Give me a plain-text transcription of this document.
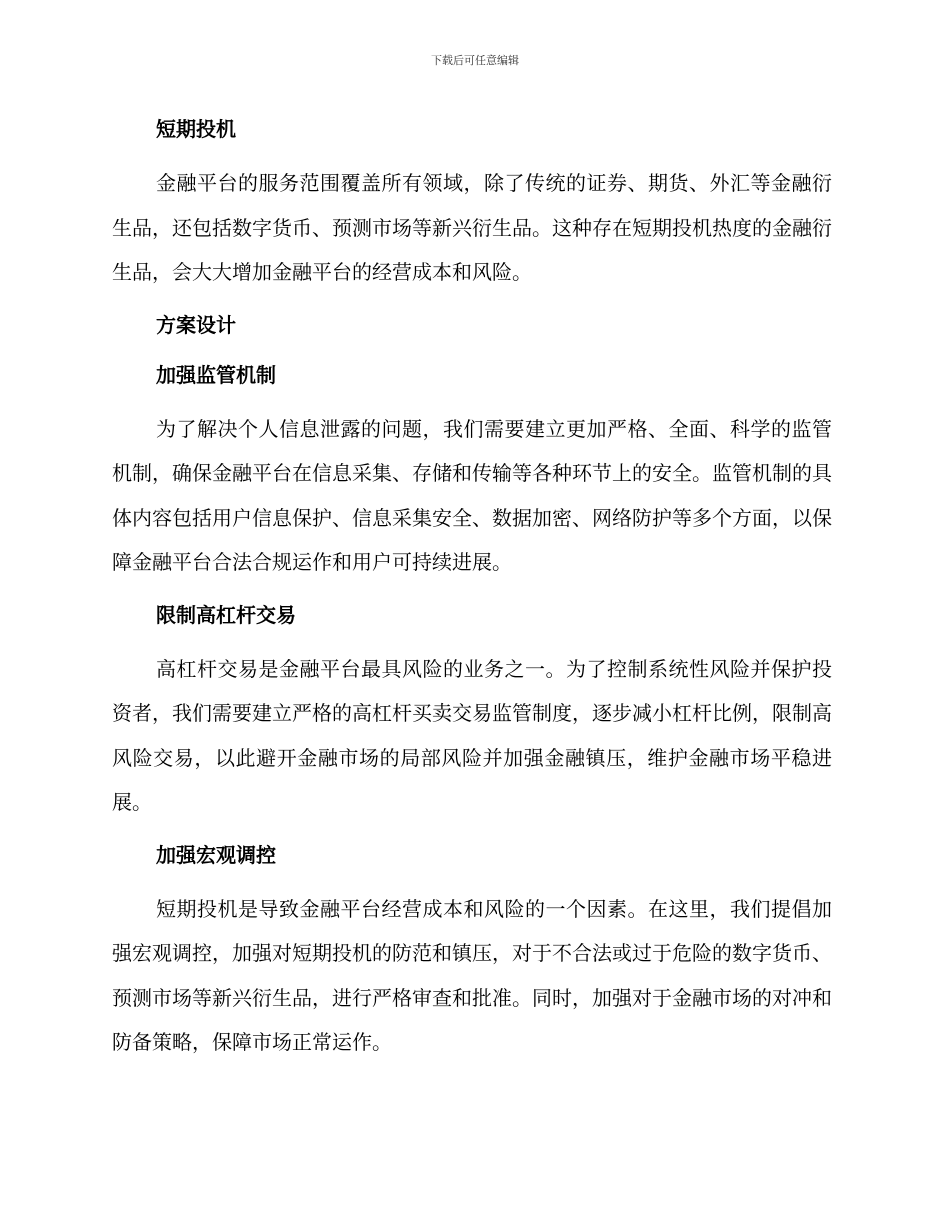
下载后可任意编辑
短期投机

金融平台的服务范围覆盖所有领域，除了传统的证券、期货、外汇等金融衍生品，还包括数字货币、预测市场等新兴衍生品。这种存在短期投机热度的金融衍生品，会大大增加金融平台的经营成本和风险。

方案设计
加强监管机制

为了解决个人信息泄露的问题，我们需要建立更加严格、全面、科学的监管机制，确保金融平台在信息采集、存储和传输等各种环节上的安全。监管机制的具体内容包括用户信息保护、信息采集安全、数据加密、网络防护等多个方面，以保障金融平台合法合规运作和用户可持续进展。

限制高杠杆交易

高杠杆交易是金融平台最具风险的业务之一。为了控制系统性风险并保护投资者，我们需要建立严格的高杠杆买卖交易监管制度，逐步减小杠杆比例，限制高风险交易，以此避开金融市场的局部风险并加强金融镇压，维护金融市场平稳进展。

加强宏观调控

短期投机是导致金融平台经营成本和风险的一个因素。在这里，我们提倡加强宏观调控，加强对短期投机的防范和镇压，对于不合法或过于危险的数字货币、预测市场等新兴衍生品，进行严格审查和批准。同时，加强对于金融市场的对冲和防备策略，保障市场正常运作。
